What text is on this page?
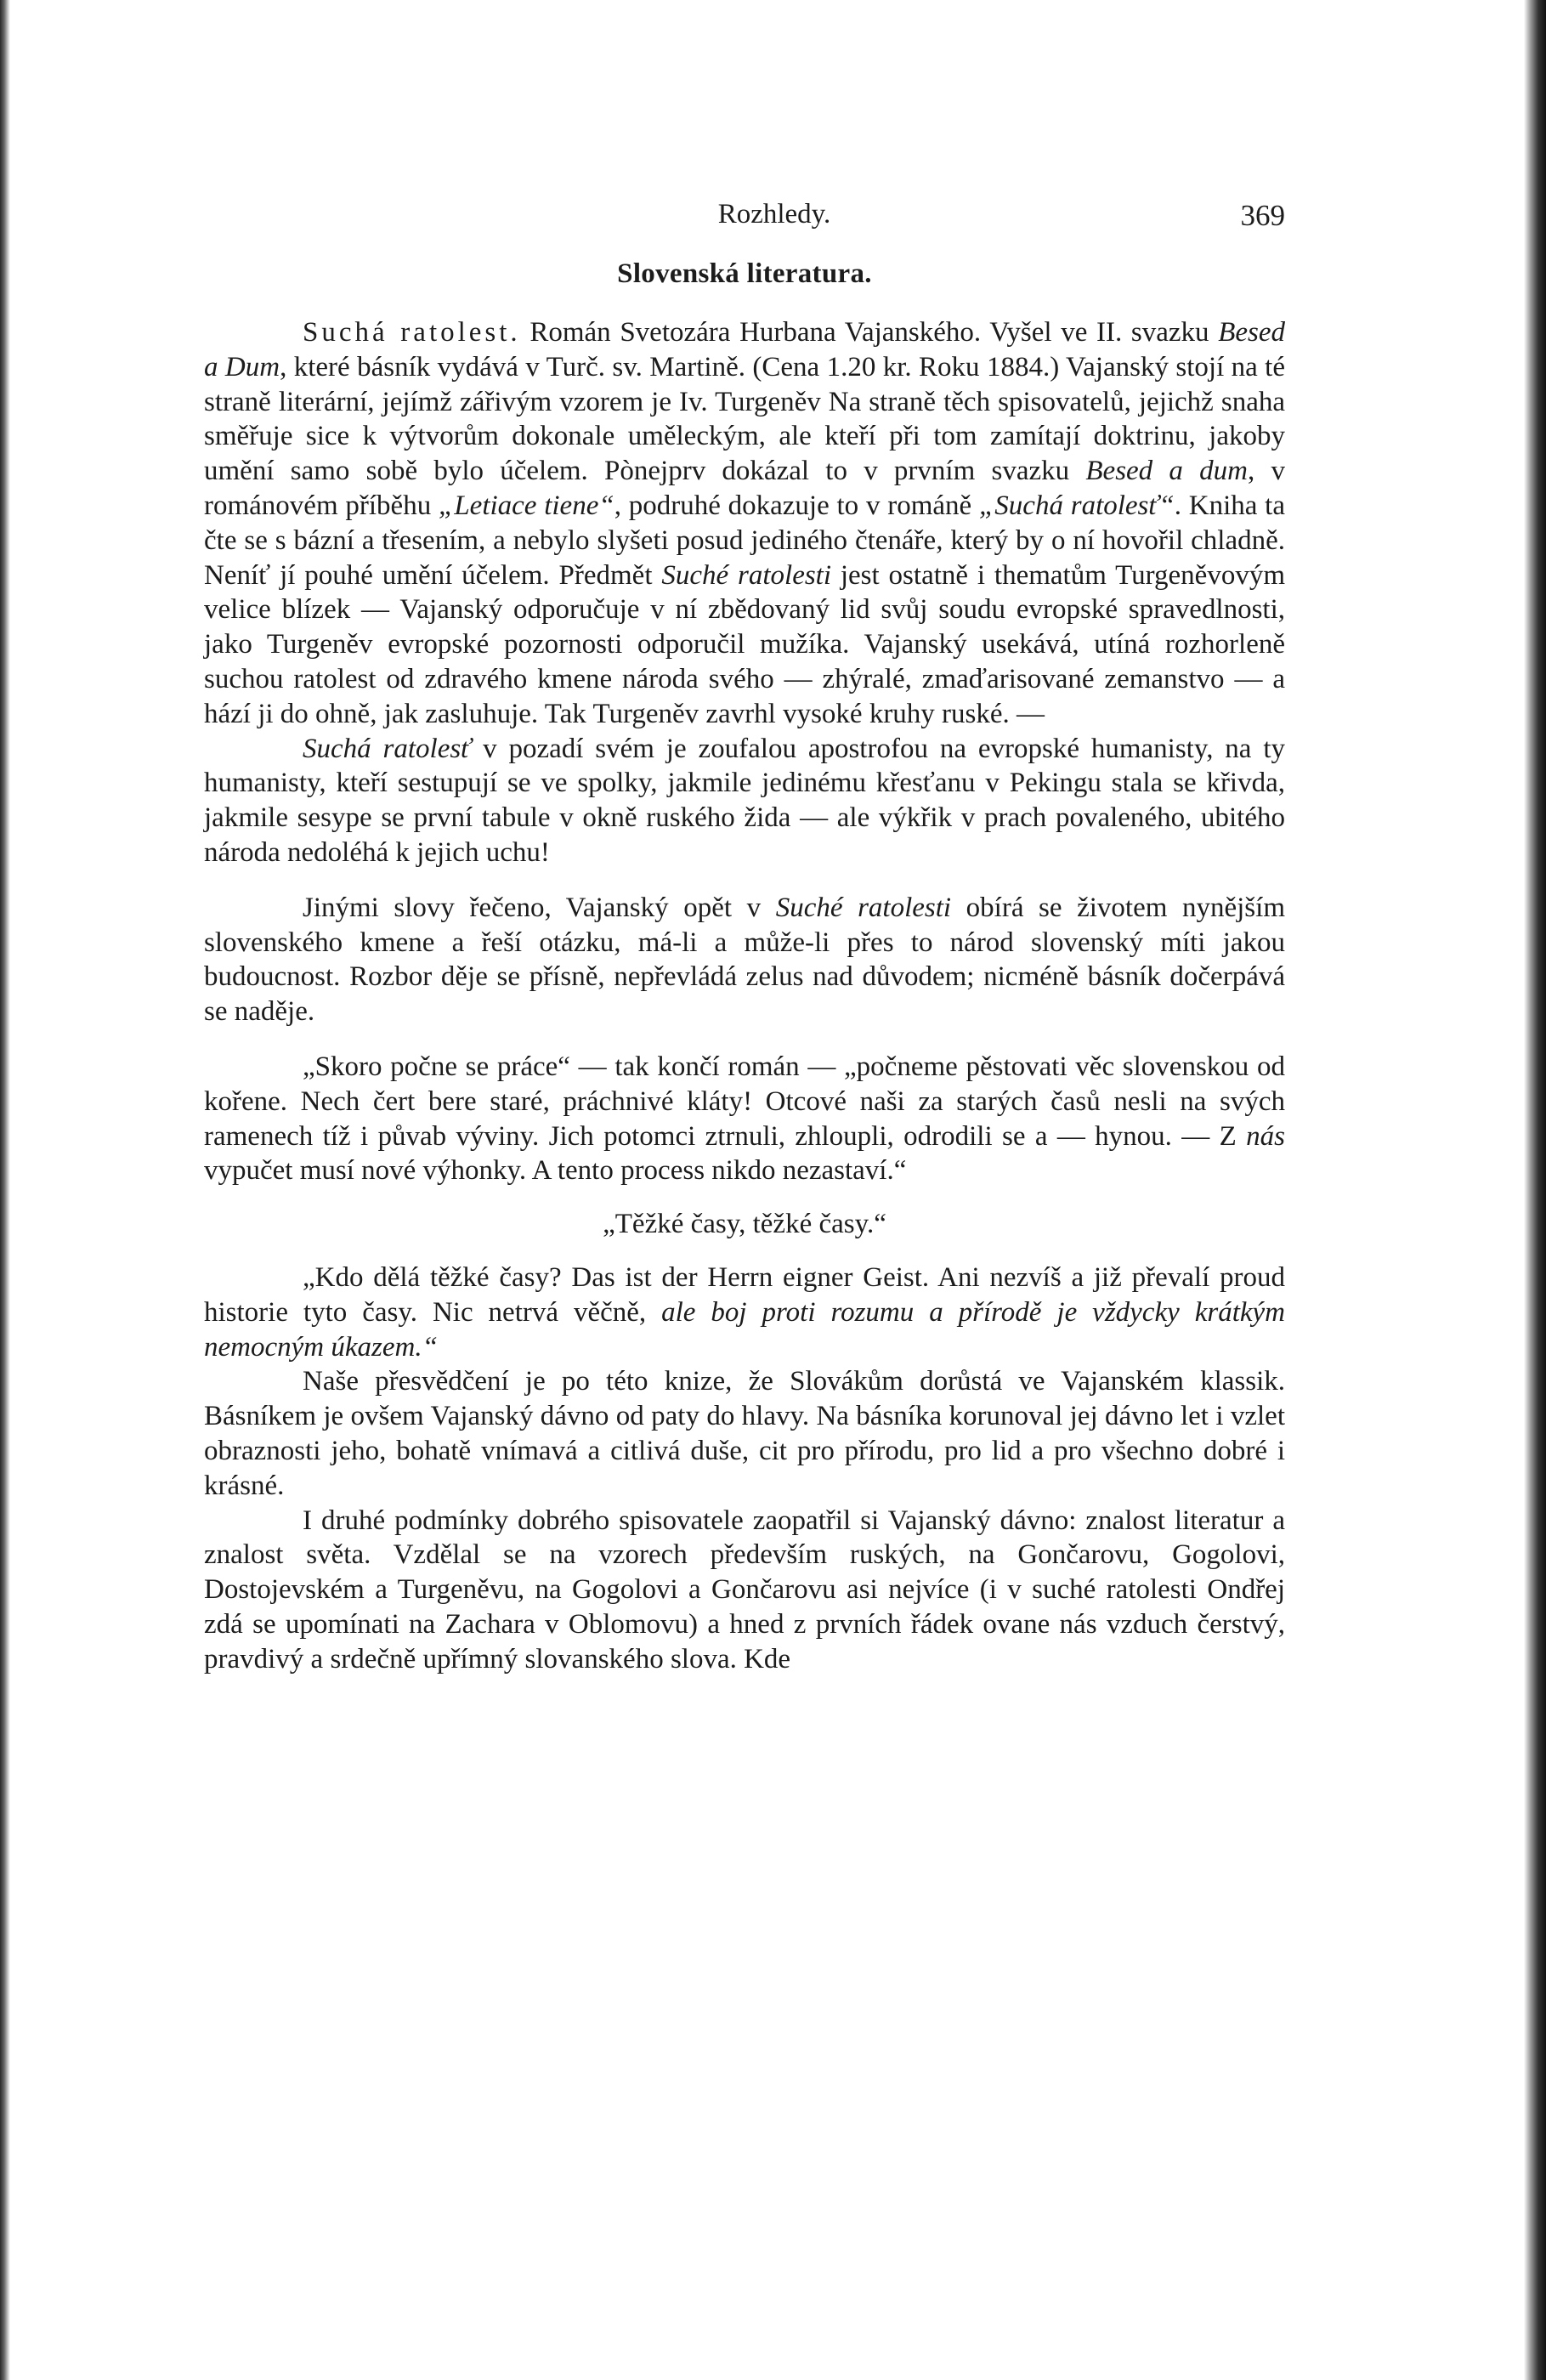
Rozhledy.	369
Slovenská literatura.

Suchá ratolest. Román Svetozára Hurbana Vajanského. Vyšel ve II. svazku Besed a Dum, které básník vydává v Turč. sv. Martině. (Cena 1.20 kr. Roku 1884.) Vajanský stojí na té straně literární, jejímž zářivým vzorem je Iv. Turgeněv Na straně těch spisovatelů, jejichž snaha směřuje sice k výtvorům dokonale uměleckým, ale kteří při tom zamítají doktrinu, jakoby umění samo sobě bylo účelem. Pònejprv dokázal to v prvním svazku Besed a dum, v románovém příběhu „Letiace tiene“, podruhé dokazuje to v románě „Suchá ratolesť“. Kniha ta čte se s bázní a třesením, a nebylo slyšeti posud jediného čtenáře, který by o ní hovořil chladně. Neníť jí pouhé umění účelem. Předmět Suché ratolesti jest ostatně i thematům Turgeněvovým velice blízek — Vajanský odporučuje v ní zbědovaný lid svůj soudu evropské spravedlnosti, jako Turgeněv evropské pozornosti odporučil mužíka. Vajanský usekává, utíná rozhorleně suchou ratolest od zdravého kmene národa svého — zhýralé, zmaďarisované zemanstvo — a hází ji do ohně, jak zasluhuje. Tak Turgeněv zavrhl vysoké kruhy ruské. —

Suchá ratolesť v pozadí svém je zoufalou apostrofou na evropské humanisty, na ty humanisty, kteří sestupují se ve spolky, jakmile jedinému křesťanu v Pekingu stala se křivda, jakmile sesype se první tabule v okně ruského žida — ale výkřik v prach povaleného, ubitého národa nedoléhá k jejich uchu!

Jinými slovy řečeno, Vajanský opět v Suché ratolesti obírá se životem nynějším slovenského kmene a řeší otázku, má-li a může-li přes to národ slovenský míti jakou budoucnost. Rozbor děje se přísně, nepřevládá zelus nad důvodem; nicméně básník dočerpává se naděje.

„Skoro počne se práce“ — tak končí román — „počneme pěstovati věc slovenskou od kořene. Nech čert bere staré, práchnivé klátyǃ Otcové naši za starých časů nesli na svých ramenech tíž i půvab výviny. Jich potomci ztrnuli, zhloupli, odrodili se a — hynou. — Z nás vypučet musí nové výhonky. A tento process nikdo nezastaví.“

„Těžké časy, těžké časy.“

„Kdo dělá těžké časy? Das ist der Herrn eigner Geist. Ani nezvíš a již převalí proud historie tyto časy. Nic netrvá věčně, ale boj proti rozumu a přírodě je vždycky krátkým nemocným úkazem.“

Naše přesvědčení je po této knize, že Slovákům dorůstá ve Vajanském klassik. Básníkem je ovšem Vajanský dávno od paty do hlavy. Na básníka korunoval jej dávno let i vzlet obraznosti jeho, bohatě vnímavá a citlivá duše, cit pro přírodu, pro lid a pro všechno dobré i krásné.

I druhé podmínky dobrého spisovatele zaopatřil si Vajanský dávno: znalost literatur a znalost světa. Vzdělal se na vzorech především ruských, na Gončarovu, Gogolovi, Dostojevském a Turgeněvu, na Gogolovi a Gončarovu asi nejvíce (i v suché ratolesti Ondřej zdá se upomínati na Zachara v Oblomovu) a hned z prvních řádek ovane nás vzduch čerstvý, pravdivý a srdečně upřímný slovanského slova. Kde
